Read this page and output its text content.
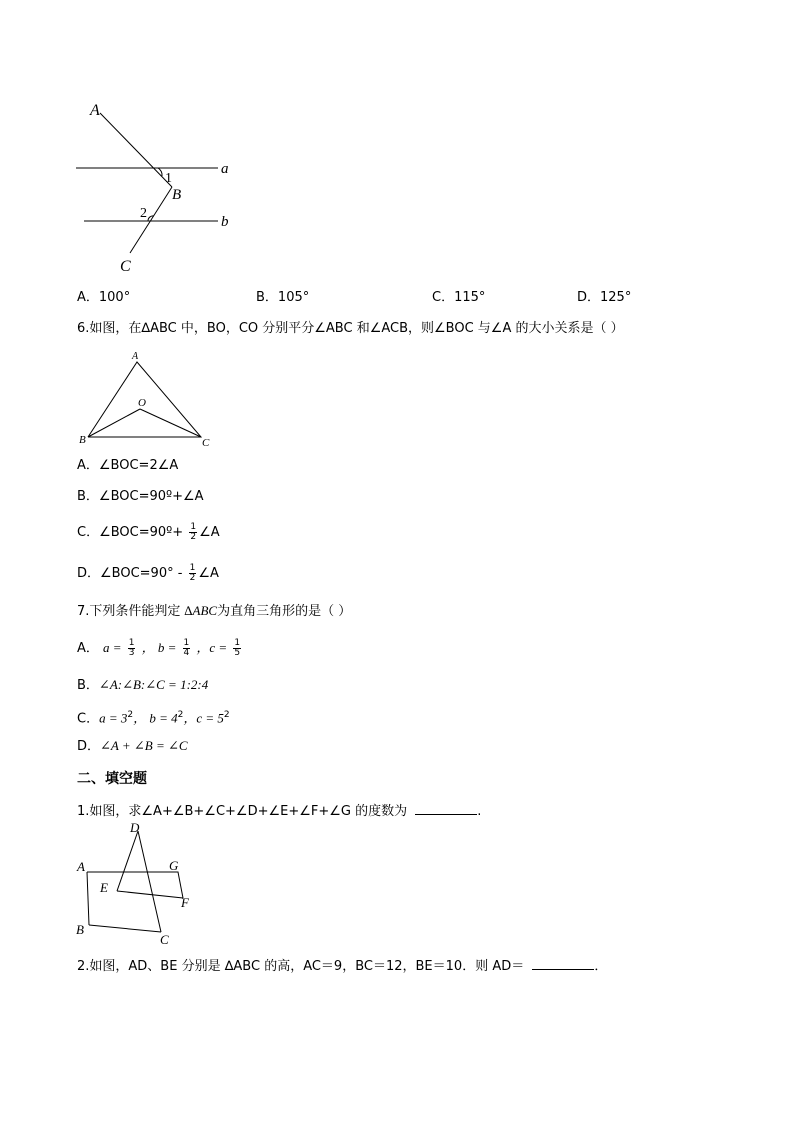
A
a
1
B
2
b
C
A．100°	B．105°	C．115°	D．125°
6.如图，在∆ABC 中，BO，CO 分别平分∠ABC 和∠ACB，则∠BOC 与∠A 的大小关系是（ ）
A
O
B	C
A．∠BOC=2∠A
B．∠BOC=90º+∠A
C．∠BOC=90º+ $\frac{1}{2}$ ∠A
D．∠BOC=90° - $\frac{1}{2}$ ∠A
7.下列条件能判定 ∆ABC为直角三角形的是（ ）
A． $a = \frac{1}{3}$ ， $b = \frac{1}{4}$ ，$c = \frac{1}{5}$
B．∠A:∠B:∠C = 1:2:4
C．$a = 3^2$， $b = 4^2$，$c = 5^2$
D．∠A + ∠B = ∠C
二、填空题
1.如图，求∠A+∠B+∠C+∠D+∠E+∠F+∠G 的度数为	.
D
A	G
E
F
B
C
2.如图，AD、BE 分别是 ∆ABC 的高，AC＝9，BC＝12，BE＝10．则 AD＝	．
